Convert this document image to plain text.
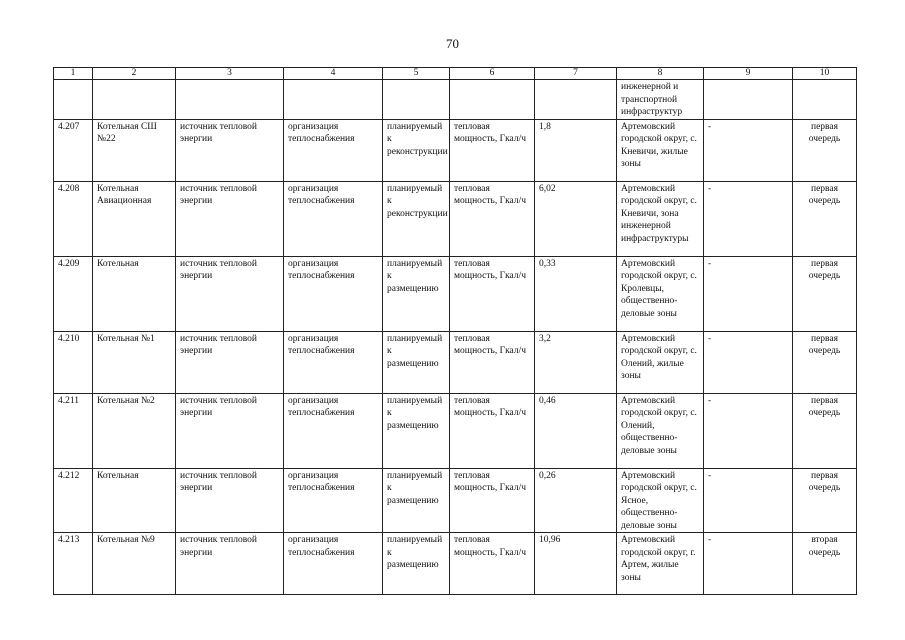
70
1	2	3	4	5	6	7	8	9	10
							инженерной и транспортной инфраструктур		
4.207	Котельная СШ №22	источник тепловой энергии	организация теплоснабжения	планируемый к реконструкции	тепловая мощность, Гкал/ч	1,8	Артемовский городской округ, с. Кневичи, жилые зоны	-	первая очередь
4.208	Котельная Авиационная	источник тепловой энергии	организация теплоснабжения	планируемый к реконструкции	тепловая мощность, Гкал/ч	6,02	Артемовский городской округ, с. Кневичи, зона инженерной инфраструктуры	-	первая очередь
4.209	Котельная	источник тепловой энергии	организация теплоснабжения	планируемый к размещению	тепловая мощность, Гкал/ч	0,33	Артемовский городской округ, с. Кролевцы, общественно-деловые зоны	-	первая очередь
4.210	Котельная №1	источник тепловой энергии	организация теплоснабжения	планируемый к размещению	тепловая мощность, Гкал/ч	3,2	Артемовский городской округ, с. Олений, жилые зоны	-	первая очередь
4.211	Котельная №2	источник тепловой энергии	организация теплоснабжения	планируемый к размещению	тепловая мощность, Гкал/ч	0,46	Артемовский городской округ, с. Олений, общественно-деловые зоны	-	первая очередь
4.212	Котельная	источник тепловой энергии	организация теплоснабжения	планируемый к размещению	тепловая мощность, Гкал/ч	0,26	Артемовский городской округ, с. Ясное, общественно-деловые зоны	-	первая очередь
4.213	Котельная №9	источник тепловой энергии	организация теплоснабжения	планируемый к размещению	тепловая мощность, Гкал/ч	10,96	Артемовский городской округ, г. Артем, жилые зоны	-	вторая очередь
